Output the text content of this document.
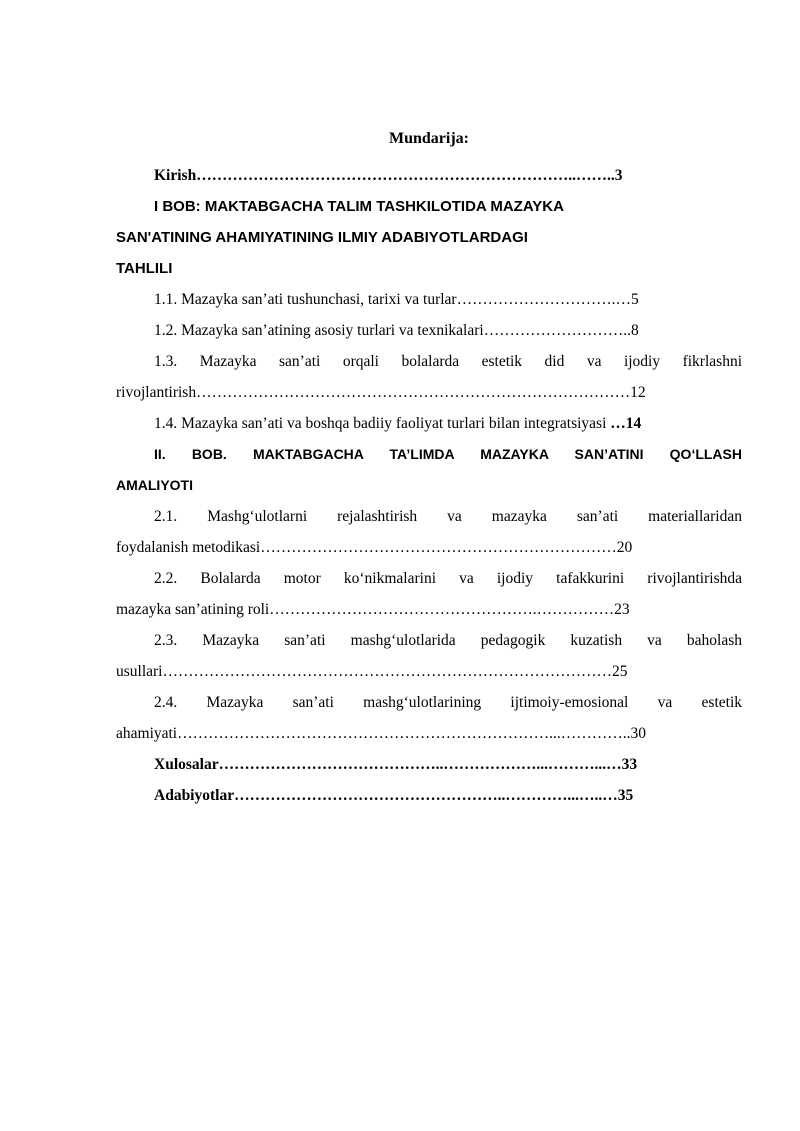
Mundarija:

Kirish………………………………………………………………..……..3

I BOB: MAKTABGACHA TALIM TASHKILOTIDA MAZAYKA

SAN'ATINING AHAMIYATINING ILMIY ADABIYOTLARDAGI

TAHLILI

1.1. Mazayka san’ati tushunchasi, tarixi va turlar………………………….…5

1.2. Mazayka san’atining asosiy turlari va texnikalari………………………..8

1.3. Mazayka san’ati orqali bolalarda estetik did va ijodiy fikrlashni

rivojlantirish…………………………………………………………………………12

1.4. Mazayka san’ati va boshqa badiiy faoliyat turlari bilan integratsiyasi …14

II. BOB. MAKTABGACHA TA’LIMDA MAZAYKA SAN’ATINI QO‘LLASH

AMALIYOTI

2.1. Mashg‘ulotlarni rejalashtirish va mazayka san’ati materiallaridan

foydalanish metodikasi……………………………………………………………20

2.2. Bolalarda motor ko‘nikmalarini va ijodiy tafakkurini rivojlantirishda

mazayka san’atining roli…………………………………………….……………23

2.3. Mazayka san’ati mashg‘ulotlarida pedagogik kuzatish va baholash

usullari……………………………………………………………………………25

2.4. Mazayka san’ati mashg‘ulotlarining ijtimoiy-emosional va estetik

ahamiyati………………………………………………………………...…………..30

Xulosalar……………………………………..………………...………...…33

Adabiyotlar……………………………………………..…………...…..…35
